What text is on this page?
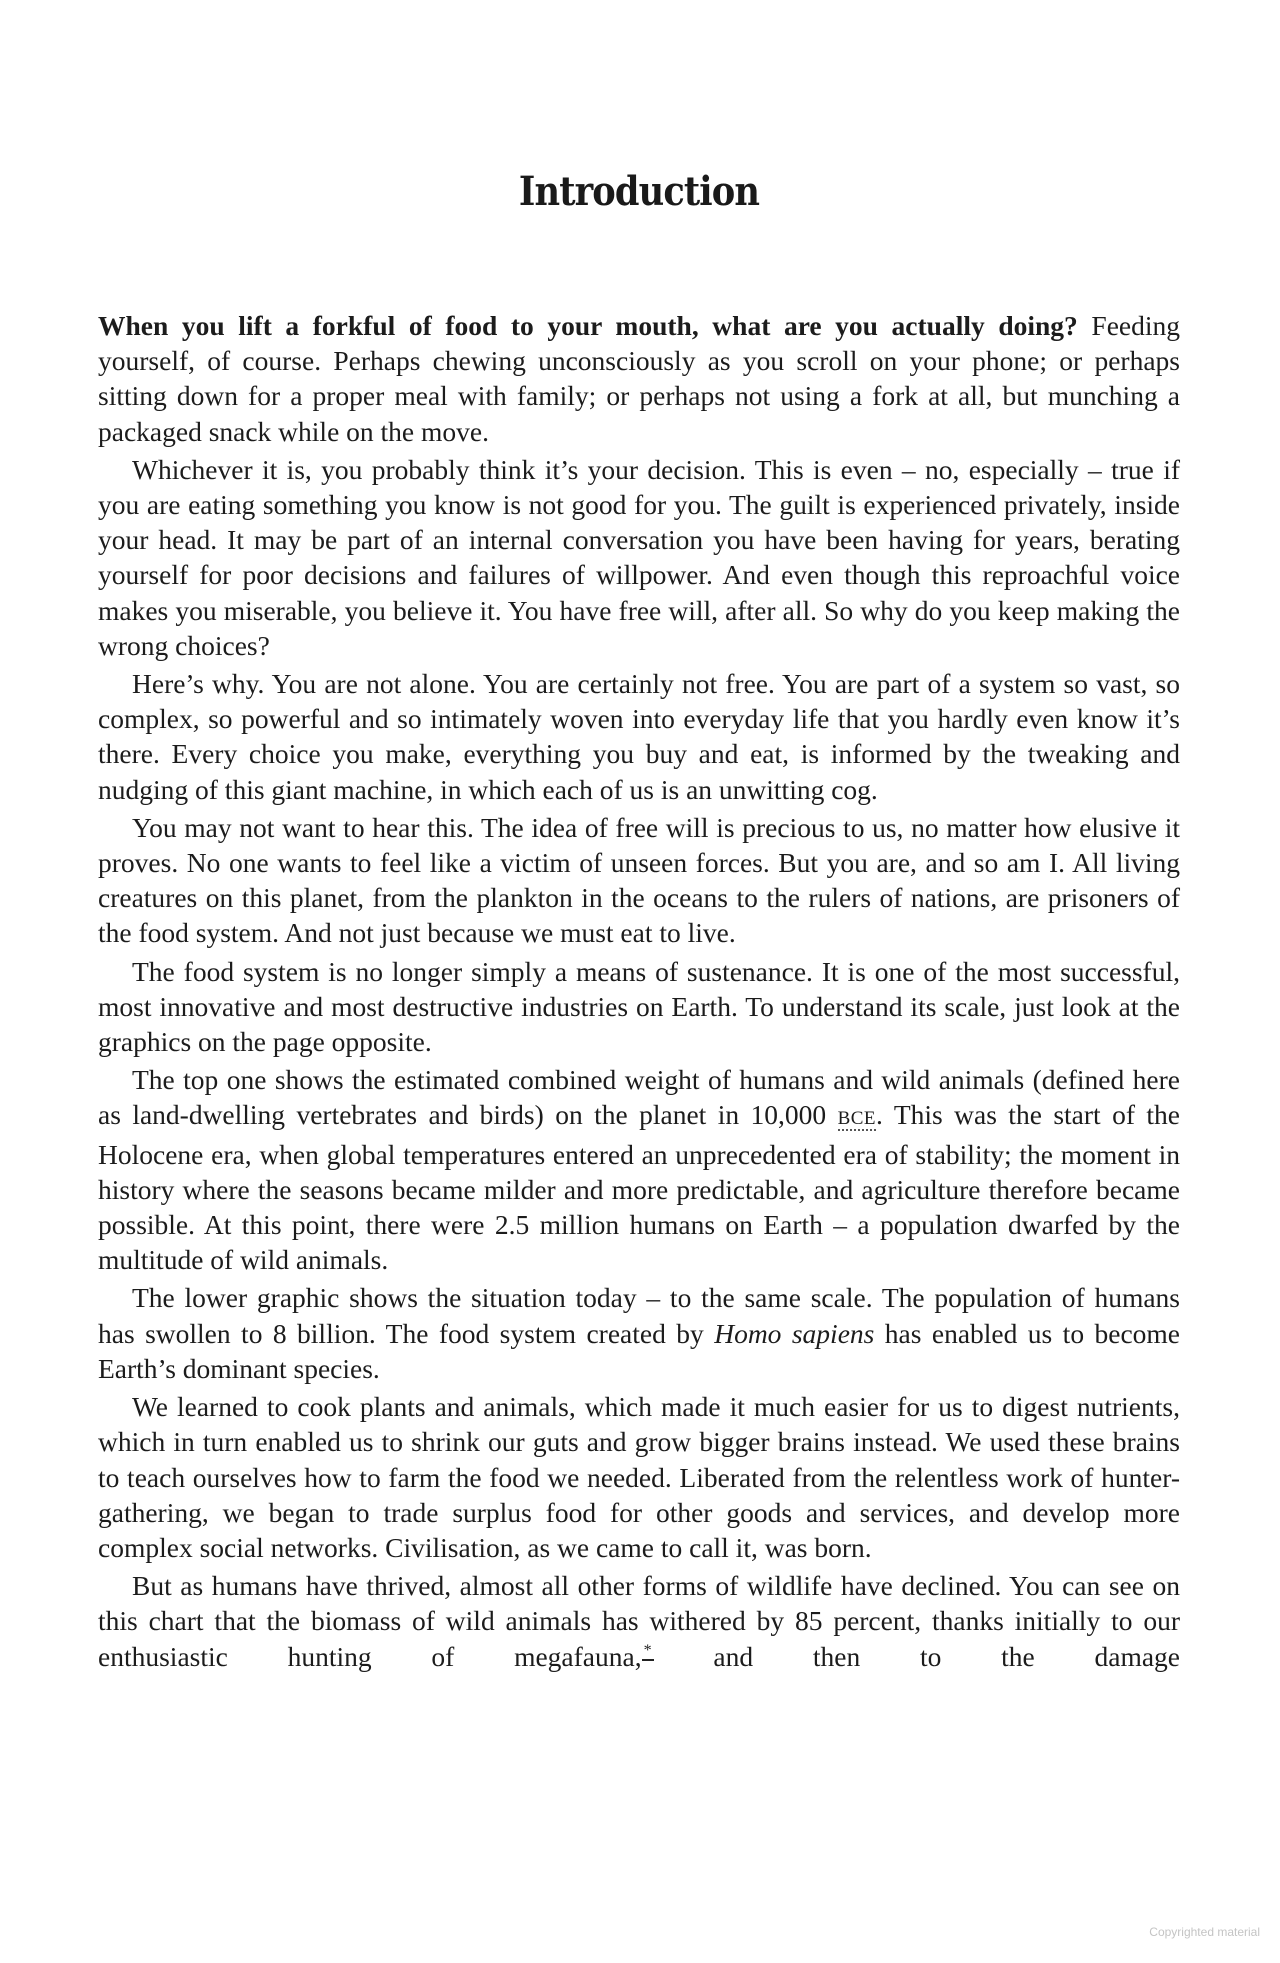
Introduction

When you lift a forkful of food to your mouth, what are you actually doing? Feeding yourself, of course. Perhaps chewing unconsciously as you scroll on your phone; or perhaps sitting down for a proper meal with family; or perhaps not using a fork at all, but munching a packaged snack while on the move.

Whichever it is, you probably think it’s your decision. This is even – no, especially – true if you are eating something you know is not good for you. The guilt is experienced privately, inside your head. It may be part of an internal conversation you have been having for years, berating yourself for poor decisions and failures of willpower. And even though this reproachful voice makes you miserable, you believe it. You have free will, after all. So why do you keep making the wrong choices?

Here’s why. You are not alone. You are certainly not free. You are part of a system so vast, so complex, so powerful and so intimately woven into everyday life that you hardly even know it’s there. Every choice you make, everything you buy and eat, is informed by the tweaking and nudging of this giant machine, in which each of us is an unwitting cog.

You may not want to hear this. The idea of free will is precious to us, no matter how elusive it proves. No one wants to feel like a victim of unseen forces. But you are, and so am I. All living creatures on this planet, from the plankton in the oceans to the rulers of nations, are prisoners of the food system. And not just because we must eat to live.

The food system is no longer simply a means of sustenance. It is one of the most successful, most innovative and most destructive industries on Earth. To understand its scale, just look at the graphics on the page opposite.

The top one shows the estimated combined weight of humans and wild animals (defined here as land-dwelling vertebrates and birds) on the planet in 10,000 BCE. This was the start of the Holocene era, when global temperatures entered an unprecedented era of stability; the moment in history where the seasons became milder and more predictable, and agriculture therefore became possible. At this point, there were 2.5 million humans on Earth – a population dwarfed by the multitude of wild animals.

The lower graphic shows the situation today – to the same scale. The population of humans has swollen to 8 billion. The food system created by Homo sapiens has enabled us to become Earth’s dominant species.

We learned to cook plants and animals, which made it much easier for us to digest nutrients, which in turn enabled us to shrink our guts and grow bigger brains instead. We used these brains to teach ourselves how to farm the food we needed. Liberated from the relentless work of hunter-gathering, we began to trade surplus food for other goods and services, and develop more complex social networks. Civilisation, as we came to call it, was born.

But as humans have thrived, almost all other forms of wildlife have declined. You can see on this chart that the biomass of wild animals has withered by 85 percent, thanks initially to our enthusiastic hunting of megafauna, * and then to the damage

Copyrighted material
